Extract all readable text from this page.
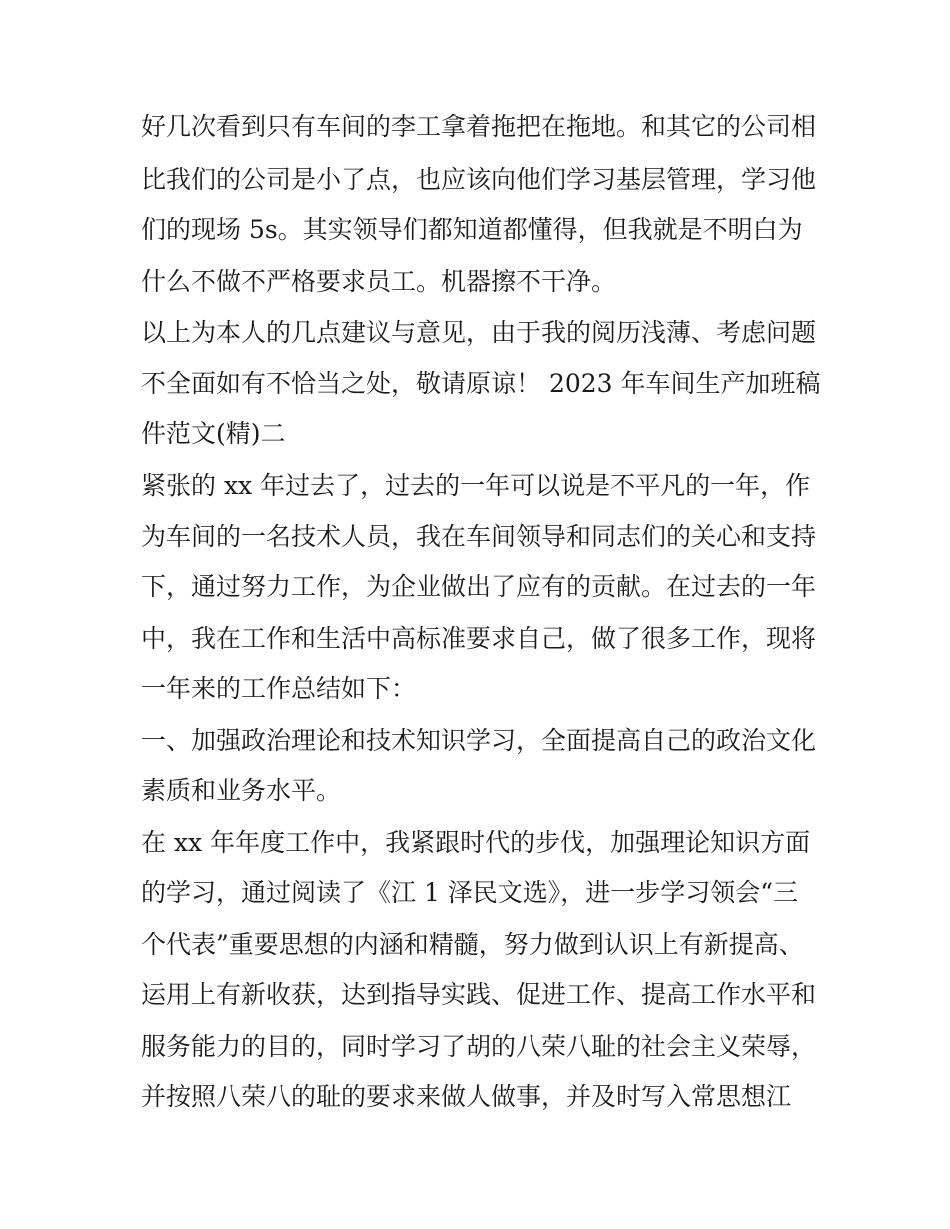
好几次看到只有车间的李工拿着拖把在拖地。和其它的公司相
比我们的公司是小了点，也应该向他们学习基层管理，学习他
们的现场 5s。其实领导们都知道都懂得，但我就是不明白为
什么不做不严格要求员工。机器擦不干净。
以上为本人的几点建议与意见，由于我的阅历浅薄、考虑问题
不全面如有不恰当之处，敬请原谅！ 2023 年车间生产加班稿
件范文(精)二
紧张的 xx 年过去了，过去的一年可以说是不平凡的一年，作
为车间的一名技术人员，我在车间领导和同志们的关心和支持
下，通过努力工作，为企业做出了应有的贡献。在过去的一年
中，我在工作和生活中高标准要求自己，做了很多工作，现将
一年来的工作总结如下：
一、加强政治理论和技术知识学习，全面提高自己的政治文化
素质和业务水平。
在 xx 年年度工作中，我紧跟时代的步伐，加强理论知识方面
的学习，通过阅读了《江 1 泽民文选》，进一步学习领会“三
个代表”重要思想的内涵和精髓，努力做到认识上有新提高、
运用上有新收获，达到指导实践、促进工作、提高工作水平和
服务能力的目的，同时学习了胡的八荣八耻的社会主义荣辱，
并按照八荣八的耻的要求来做人做事，并及时写入常思想江
